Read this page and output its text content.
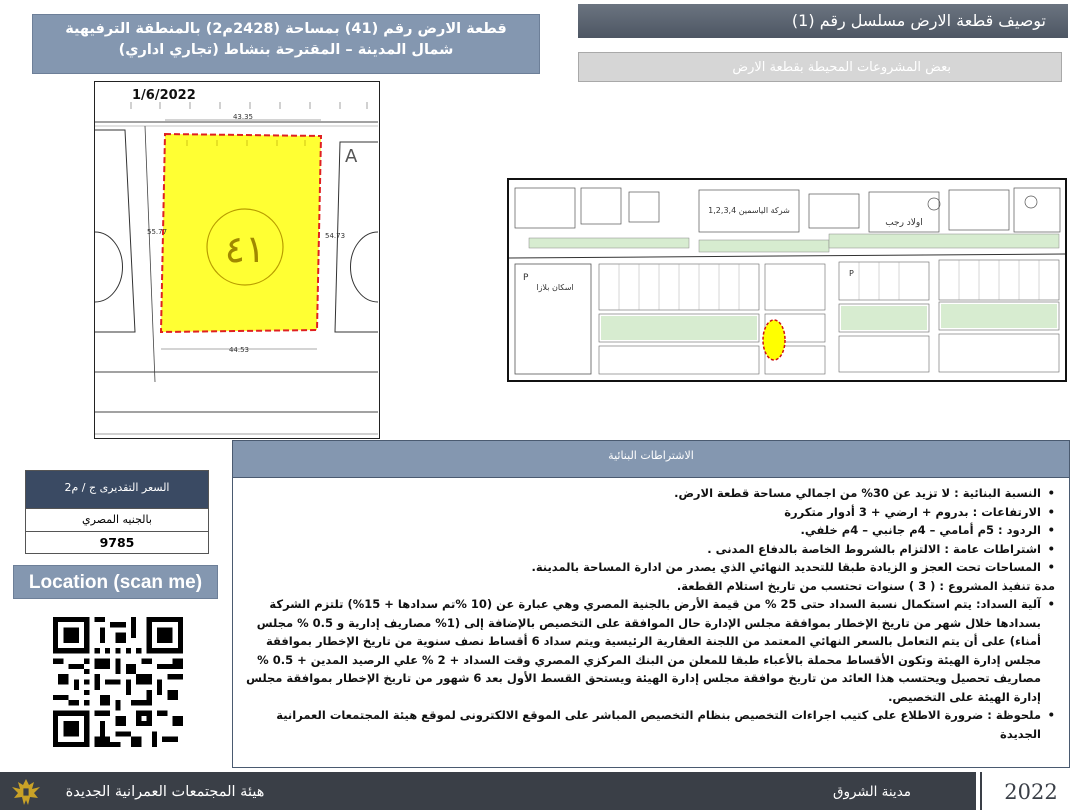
قطعة الارض رقم (41) بمساحة (2428م2) بالمنطقة الترفيهية شمال المدينة – المقترحة بنشاط (تجاري اداري)
توصيف قطعة الارض مسلسل رقم (1)
بعض المشروعات المحيطة بقطعة الارض
43.35
A
٤١
55.77	54.73
44.53
1/6/2022
شركة الياسمين 1,2,3,4
اولاد رجب
P
اسكان بلازا
P
الاشتراطات البنائية
• النسبة البنائية : لا تزيد عن 30% من اجمالي مساحة قطعة الارض.
• الارتفاعات : بدروم + ارضي + 3 أدوار متكررة
• الردود : 5م أمامي – 4م جانبي – 4م خلفي.
• اشتراطات عامة : الالتزام بالشروط الخاصة بالدفاع المدنى .
• المساحات تحت العجز و الزيادة طبقا للتحديد النهائي الذي يصدر من ادارة المساحة بالمدينة.
مدة تنفيذ المشروع : ( 3 ) سنوات تحتسب من تاريخ استلام القطعة.
• آلية السداد: يتم استكمال نسبة السداد حتى 25 % من قيمة الأرض بالجنية المصري وهي عبارة عن (10 %تم سدادها + 15%) تلتزم الشركة بسدادها خلال شهر من تاريخ الإخطار بموافقة مجلس الإدارة حال الموافقة على التخصيص بالإضافة إلى (1% مصاريف إدارية و 0.5 % مجلس أمناء) على أن يتم التعامل بالسعر النهائي المعتمد من اللجنة العقارية الرئيسية ويتم سداد 6 أقساط نصف سنوية من تاريخ الإخطار بموافقة مجلس إدارة الهيئة وتكون الأقساط محملة بالأعباء طبقا للمعلن من البنك المركزي المصري وقت السداد + 2 % علي الرصيد المدين + 0.5 % مصاريف تحصيل ويحتسب هذا العائد من تاريخ موافقة مجلس إدارة الهيئة ويستحق القسط الأول بعد 6 شهور من تاريخ الإخطار بموافقة مجلس إدارة الهيئة على التخصيص.
• ملحوظة : ضرورة الاطلاع على كتيب اجراءات التخصيص بنظام التخصيص المباشر على الموقع الالكترونى لموقع هيئة المجتمعات العمرانية الجديدة
السعر التقديرى ج / م2
بالجنيه المصري
9785
Location (scan me)
هيئة المجتمعات العمرانية الجديدة	مدينة الشروق	2022
